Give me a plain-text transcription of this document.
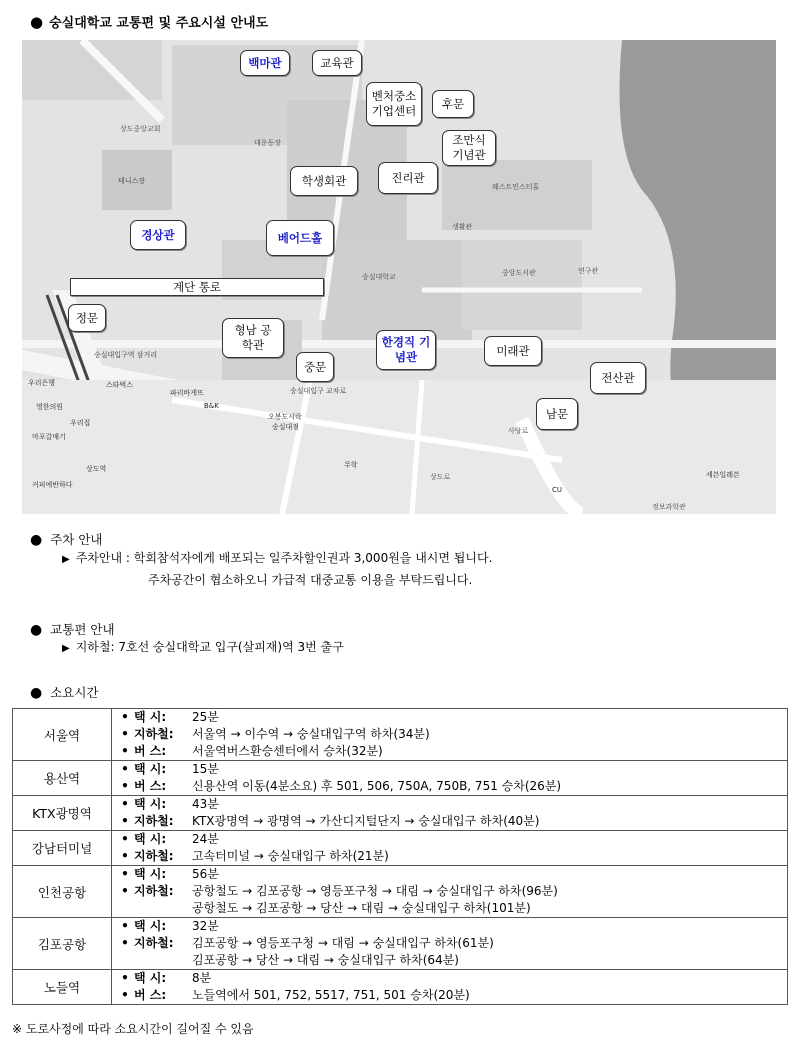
● 숭실대학교 교통편 및 주요시설 안내도
백마관	교육관
벤처중소 기업센터
후문
조만식 기념관
학생회관	진리관
경상관	베어드홀
계단 통로
정문
형남 공학관
중문
한경직 기념관	미래관
전산관
남문
대운동장
숭실대학교
상도중앙교회
테니스장
숭실대입구역 삼거리
숭실대입구 교차로
중앙도서관
웨스트민스터홀
생활관
연구관
정보과학관
상도로
사당로
CU
세븐일레븐
스타벅스
파리바게뜨
B&K
오봉도시락
숭실대점
무학
우리은행
영한의원
커피에반하다
우리집
마포갈매기
상도역
● 주차 안내
▶ 주차안내 : 학회참석자에게 배포되는 일주차할인권과 3,000원을 내시면 됩니다.
주차공간이 협소하오니 가급적 대중교통 이용을 부탁드립니다.
● 교통편 안내
▶ 지하철: 7호선 숭실대학교 입구(살피재)역 3번 출구
● 소요시간
서울역	• 택 시: 25분
• 지하철: 서울역 → 이수역 → 숭실대입구역 하차(34분)
• 버 스: 서울역버스환승센터에서 승차(32분)

용산역	• 택 시: 15분
• 버 스: 신용산역 이동(4분소요) 후 501, 506, 750A, 750B, 751 승차(26분)

KTX광명역	• 택 시: 43분
• 지하철: KTX광명역 → 광명역 → 가산디지털단지 → 숭실대입구 하차(40분)

강남터미널	• 택 시: 24분
• 지하철: 고속터미널 → 숭실대입구 하차(21분)

인천공항	• 택 시: 56분
• 지하철: 공항철도 → 김포공항 → 영등포구청 → 대림 → 숭실대입구 하차(96분)
공항철도 → 김포공항 → 당산 → 대림 → 숭실대입구 하차(101분)

김포공항	• 택 시: 32분
• 지하철: 김포공항 → 영등포구청 → 대림 → 숭실대입구 하차(61분)
김포공항 → 당산 → 대림 → 숭실대입구 하차(64분)

노들역	• 택 시: 8분
• 버 스: 노들역에서 501, 752, 5517, 751, 501 승차(20분)
※ 도로사정에 따라 소요시간이 길어질 수 있음
